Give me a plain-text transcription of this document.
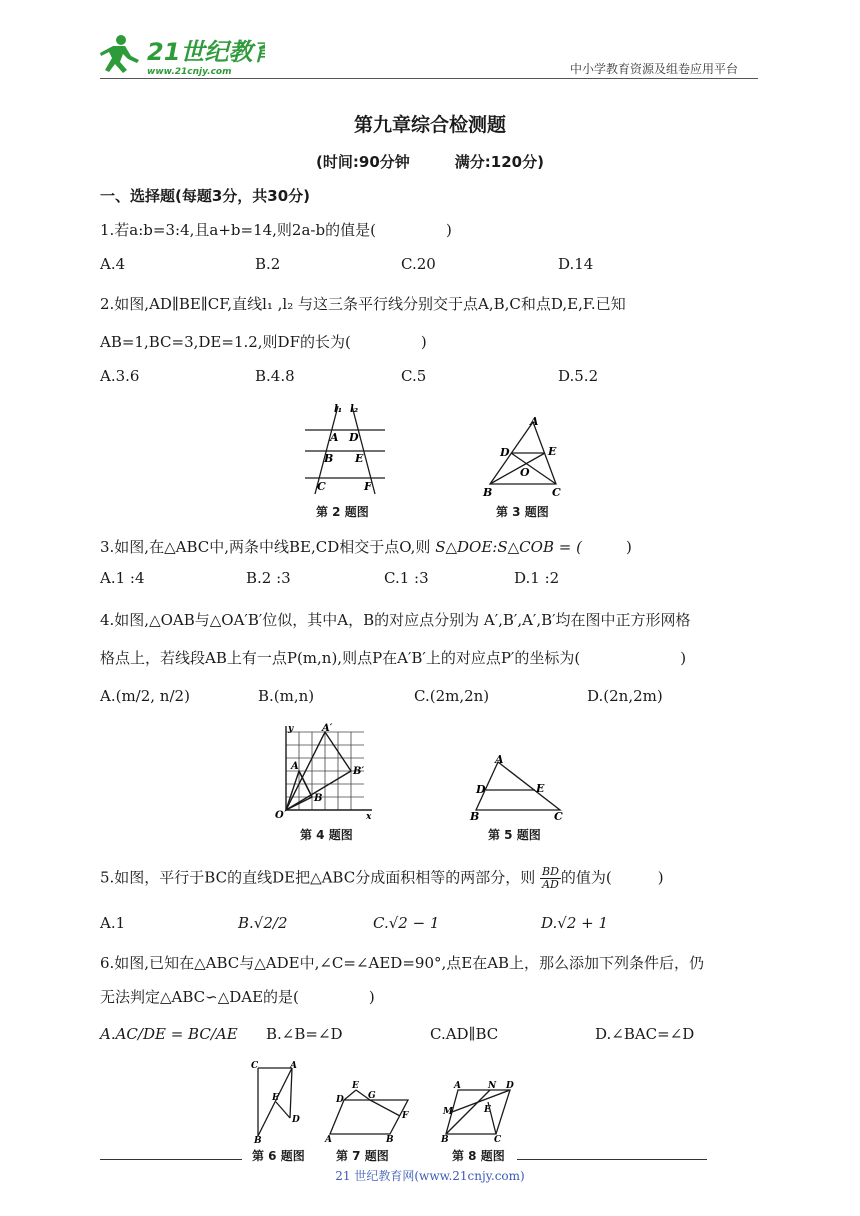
21世纪教育
www.21cnjy.com	中小学教育资源及组卷应用平台
第九章综合检测题
(时间:90分钟　　　满分:120分)
一、选择题(每题3分，共30分)
1.若a:b=3:4,且a+b=14,则2a-b的值是(	)
A.4	B.2	C.20	D.14
2.如图,AD∥BE∥CF,直线l₁ ,l₂ 与这三条平行线分别交于点A,B,C和点D,E,F.已知
AB=1,BC=3,DE=1.2,则DF的长为(	)
A.3.6	B.4.8	C.5	D.5.2
l₁ l₂
A D
B E
C	F
第 2 题图
A
D	E
O
B	C
第 3 题图
3.如图,在△ABC中,两条中线BE,CD相交于点O,则 S△DOE:S△COB = (	)
A.1 :4	B.2 :3	C.1 :3	D.1 :2
4.如图,△OAB与△OA′B′位似，其中A，B的对应点分别为 A′,B′,A′,B′均在图中正方形网格
格点上，若线段AB上有一点P(m,n),则点P在A′B′上的对应点P′的坐标为(	)
A.(m/2, n/2)	B.(m,n)	C.(2m,2n)	D.(2n,2m)
y	A′
A	B′
B
O	x
第 4 题图
A
D	E
B	C
第 5 题图
5.如图，平行于BC的直线DE把△ABC分成面积相等的两部分，则 $\frac{BD}{AD}$ 的值为(	)
A.1	B.√2/2	C.√2 − 1	D.√2 + 1
6.如图,已知在△ABC与△ADE中,∠C=∠AED=90°,点E在AB上，那么添加下列条件后，仍
无法判定△ABC∽△DAE的是(	)
A.AC/DE = BC/AE B.∠B=∠D	C.AD∥BC	D.∠BAC=∠D
C	A
E
D
B
第 6 题图
E
G
D
F
A	B
第 7 题图
A	N D
M	E
B	C
第 8 题图
21 世纪教育网(www.21cnjy.com)
